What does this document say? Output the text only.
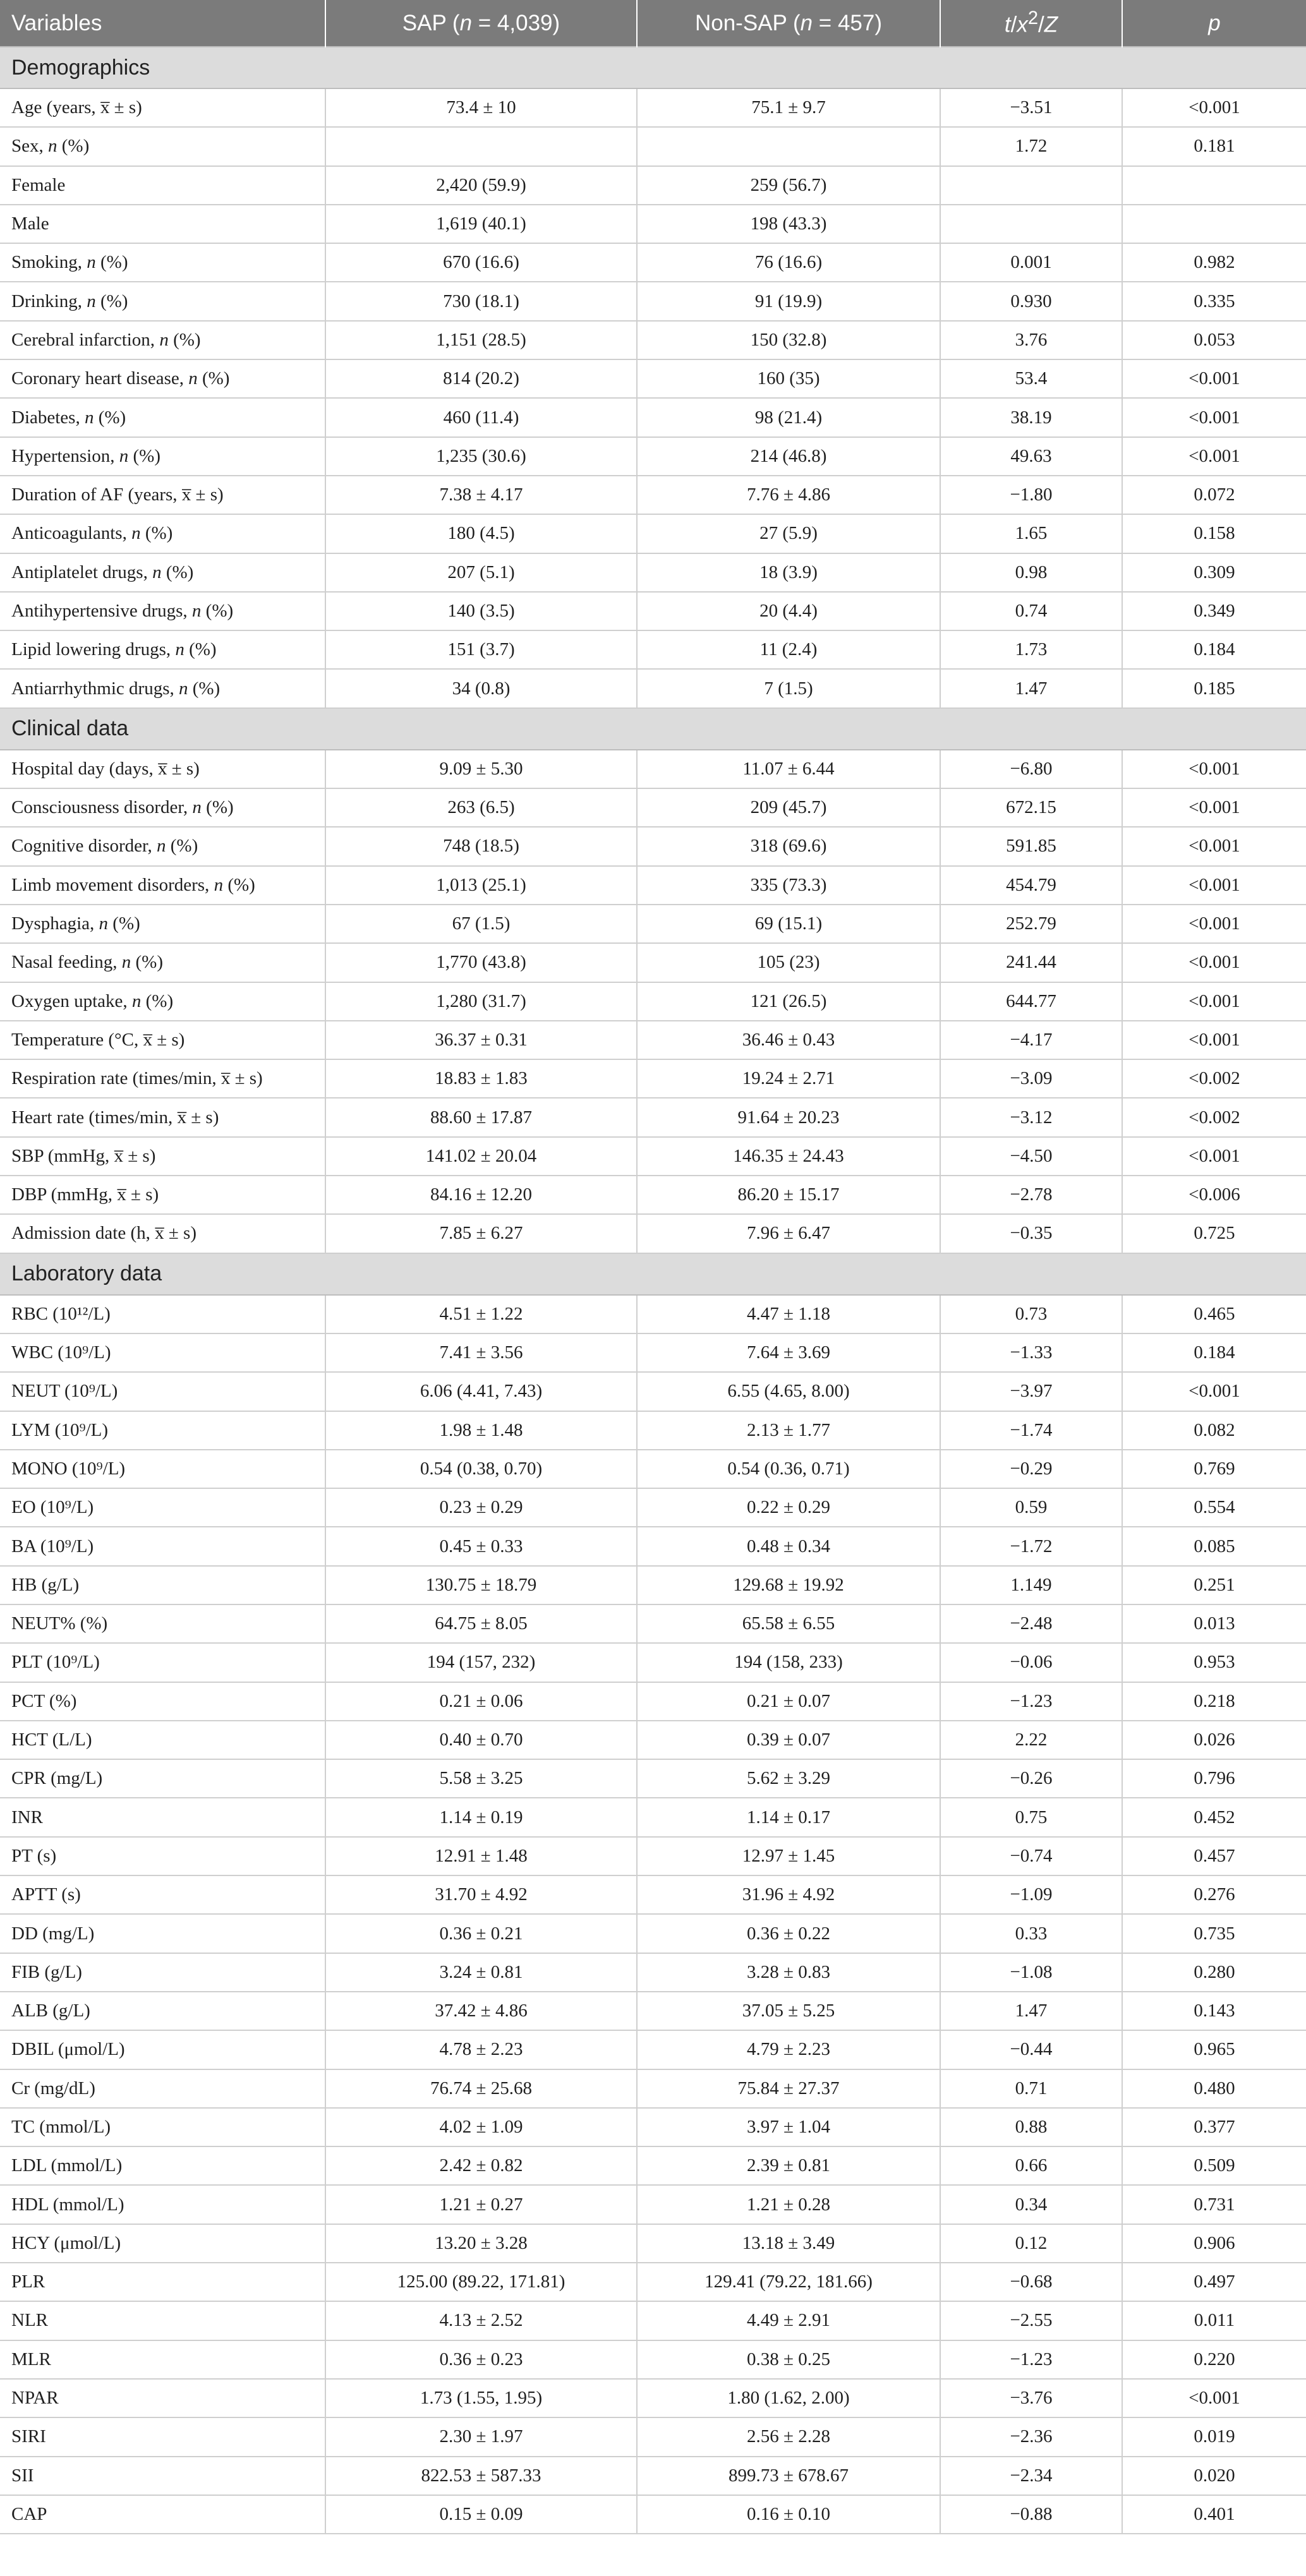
Variables	SAP (n = 4,039)	Non-SAP (n = 457)	$t/x^2/Z$	p
Demographics				
Age (years, x̅ ± s)	73.4 ± 10	75.1 ± 9.7	−3.51	<0.001
Sex, n (%)			1.72	0.181
Female	2,420 (59.9)	259 (56.7)		
Male	1,619 (40.1)	198 (43.3)		
Smoking, n (%)	670 (16.6)	76 (16.6)	0.001	0.982
Drinking, n (%)	730 (18.1)	91 (19.9)	0.930	0.335
Cerebral infarction, n (%)	1,151 (28.5)	150 (32.8)	3.76	0.053
Coronary heart disease, n (%)	814 (20.2)	160 (35)	53.4	<0.001
Diabetes, n (%)	460 (11.4)	98 (21.4)	38.19	<0.001
Hypertension, n (%)	1,235 (30.6)	214 (46.8)	49.63	<0.001
Duration of AF (years, x̅ ± s)	7.38 ± 4.17	7.76 ± 4.86	−1.80	0.072
Anticoagulants, n (%)	180 (4.5)	27 (5.9)	1.65	0.158
Antiplatelet drugs, n (%)	207 (5.1)	18 (3.9)	0.98	0.309
Antihypertensive drugs, n (%)	140 (3.5)	20 (4.4)	0.74	0.349
Lipid lowering drugs, n (%)	151 (3.7)	11 (2.4)	1.73	0.184
Antiarrhythmic drugs, n (%)	34 (0.8)	7 (1.5)	1.47	0.185
Clinical data				
Hospital day (days, x̅ ± s)	9.09 ± 5.30	11.07 ± 6.44	−6.80	<0.001
Consciousness disorder, n (%)	263 (6.5)	209 (45.7)	672.15	<0.001
Cognitive disorder, n (%)	748 (18.5)	318 (69.6)	591.85	<0.001
Limb movement disorders, n (%)	1,013 (25.1)	335 (73.3)	454.79	<0.001
Dysphagia, n (%)	67 (1.5)	69 (15.1)	252.79	<0.001
Nasal feeding, n (%)	1,770 (43.8)	105 (23)	241.44	<0.001
Oxygen uptake, n (%)	1,280 (31.7)	121 (26.5)	644.77	<0.001
Temperature (°C, x̅ ± s)	36.37 ± 0.31	36.46 ± 0.43	−4.17	<0.001
Respiration rate (times/min, x̅ ± s)	18.83 ± 1.83	19.24 ± 2.71	−3.09	<0.002
Heart rate (times/min, x̅ ± s)	88.60 ± 17.87	91.64 ± 20.23	−3.12	<0.002
SBP (mmHg, x̅ ± s)	141.02 ± 20.04	146.35 ± 24.43	−4.50	<0.001
DBP (mmHg, x̅ ± s)	84.16 ± 12.20	86.20 ± 15.17	−2.78	<0.006
Admission date (h, x̅ ± s)	7.85 ± 6.27	7.96 ± 6.47	−0.35	0.725
Laboratory data				
RBC (10¹²/L)	4.51 ± 1.22	4.47 ± 1.18	0.73	0.465
WBC (10⁹/L)	7.41 ± 3.56	7.64 ± 3.69	−1.33	0.184
NEUT (10⁹/L)	6.06 (4.41, 7.43)	6.55 (4.65, 8.00)	−3.97	<0.001
LYM (10⁹/L)	1.98 ± 1.48	2.13 ± 1.77	−1.74	0.082
MONO (10⁹/L)	0.54 (0.38, 0.70)	0.54 (0.36, 0.71)	−0.29	0.769
EO (10⁹/L)	0.23 ± 0.29	0.22 ± 0.29	0.59	0.554
BA (10⁹/L)	0.45 ± 0.33	0.48 ± 0.34	−1.72	0.085
HB (g/L)	130.75 ± 18.79	129.68 ± 19.92	1.149	0.251
NEUT% (%)	64.75 ± 8.05	65.58 ± 6.55	−2.48	0.013
PLT (10⁹/L)	194 (157, 232)	194 (158, 233)	−0.06	0.953
PCT (%)	0.21 ± 0.06	0.21 ± 0.07	−1.23	0.218
HCT (L/L)	0.40 ± 0.70	0.39 ± 0.07	2.22	0.026
CPR (mg/L)	5.58 ± 3.25	5.62 ± 3.29	−0.26	0.796
INR	1.14 ± 0.19	1.14 ± 0.17	0.75	0.452
PT (s)	12.91 ± 1.48	12.97 ± 1.45	−0.74	0.457
APTT (s)	31.70 ± 4.92	31.96 ± 4.92	−1.09	0.276
DD (mg/L)	0.36 ± 0.21	0.36 ± 0.22	0.33	0.735
FIB (g/L)	3.24 ± 0.81	3.28 ± 0.83	−1.08	0.280
ALB (g/L)	37.42 ± 4.86	37.05 ± 5.25	1.47	0.143
DBIL (μmol/L)	4.78 ± 2.23	4.79 ± 2.23	−0.44	0.965
Cr (mg/dL)	76.74 ± 25.68	75.84 ± 27.37	0.71	0.480
TC (mmol/L)	4.02 ± 1.09	3.97 ± 1.04	0.88	0.377
LDL (mmol/L)	2.42 ± 0.82	2.39 ± 0.81	0.66	0.509
HDL (mmol/L)	1.21 ± 0.27	1.21 ± 0.28	0.34	0.731
HCY (μmol/L)	13.20 ± 3.28	13.18 ± 3.49	0.12	0.906
PLR	125.00 (89.22, 171.81)	129.41 (79.22, 181.66)	−0.68	0.497
NLR	4.13 ± 2.52	4.49 ± 2.91	−2.55	0.011
MLR	0.36 ± 0.23	0.38 ± 0.25	−1.23	0.220
NPAR	1.73 (1.55, 1.95)	1.80 (1.62, 2.00)	−3.76	<0.001
SIRI	2.30 ± 1.97	2.56 ± 2.28	−2.36	0.019
SII	822.53 ± 587.33	899.73 ± 678.67	−2.34	0.020
CAP	0.15 ± 0.09	0.16 ± 0.10	−0.88	0.401
